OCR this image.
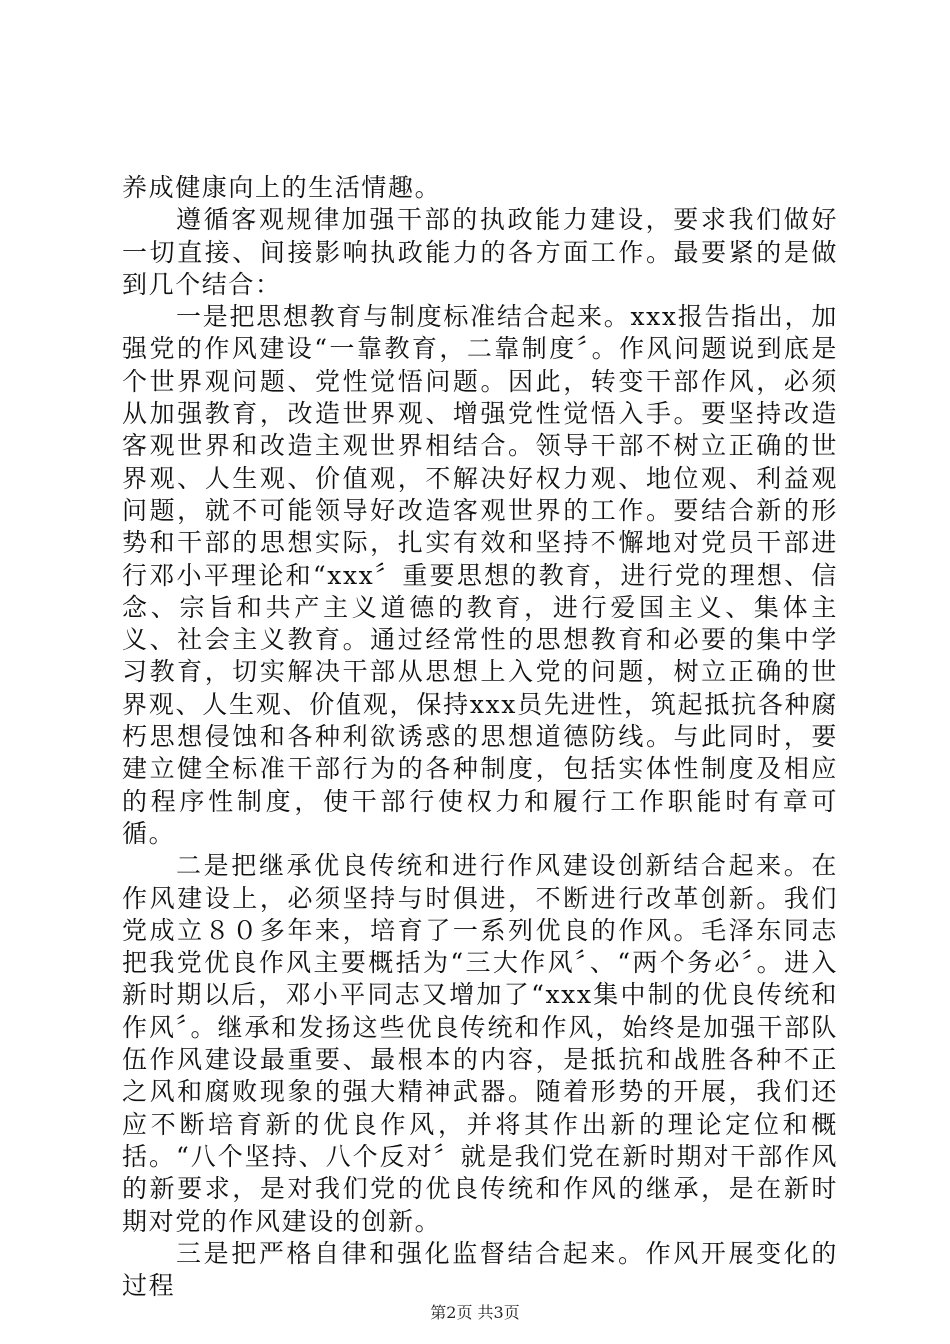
养成健康向上的生活情趣。

遵循客观规律加强干部的执政能力建设，要求我们做好一切直接、间接影响执政能力的各方面工作。最要紧的是做到几个结合：

一是把思想教育与制度标准结合起来。xxx报告指出，加强党的作风建设“一靠教育，二靠制度〞。作风问题说到底是个世界观问题、党性觉悟问题。因此，转变干部作风，必须从加强教育，改造世界观、增强党性觉悟入手。要坚持改造客观世界和改造主观世界相结合。领导干部不树立正确的世界观、人生观、价值观，不解决好权力观、地位观、利益观问题，就不可能领导好改造客观世界的工作。要结合新的形势和干部的思想实际，扎实有效和坚持不懈地对党员干部进行邓小平理论和“xxx〞重要思想的教育，进行党的理想、信念、宗旨和共产主义道德的教育，进行爱国主义、集体主义、社会主义教育。通过经常性的思想教育和必要的集中学习教育，切实解决干部从思想上入党的问题，树立正确的世界观、人生观、价值观，保持xxx员先进性，筑起抵抗各种腐朽思想侵蚀和各种利欲诱惑的思想道德防线。与此同时，要建立健全标准干部行为的各种制度，包括实体性制度及相应的程序性制度，使干部行使权力和履行工作职能时有章可循。

二是把继承优良传统和进行作风建设创新结合起来。在作风建设上，必须坚持与时俱进，不断进行改革创新。我们党成立８０多年来，培育了一系列优良的作风。毛泽东同志把我党优良作风主要概括为“三大作风〞、“两个务必〞。进入新时期以后，邓小平同志又增加了“xxx集中制的优良传统和作风〞。继承和发扬这些优良传统和作风，始终是加强干部队伍作风建设最重要、最根本的内容，是抵抗和战胜各种不正之风和腐败现象的强大精神武器。随着形势的开展，我们还应不断培育新的优良作风，并将其作出新的理论定位和概括。“八个坚持、八个反对〞就是我们党在新时期对干部作风的新要求，是对我们党的优良传统和作风的继承，是在新时期对党的作风建设的创新。

三是把严格自律和强化监督结合起来。作风开展变化的过程

第2页 共3页
